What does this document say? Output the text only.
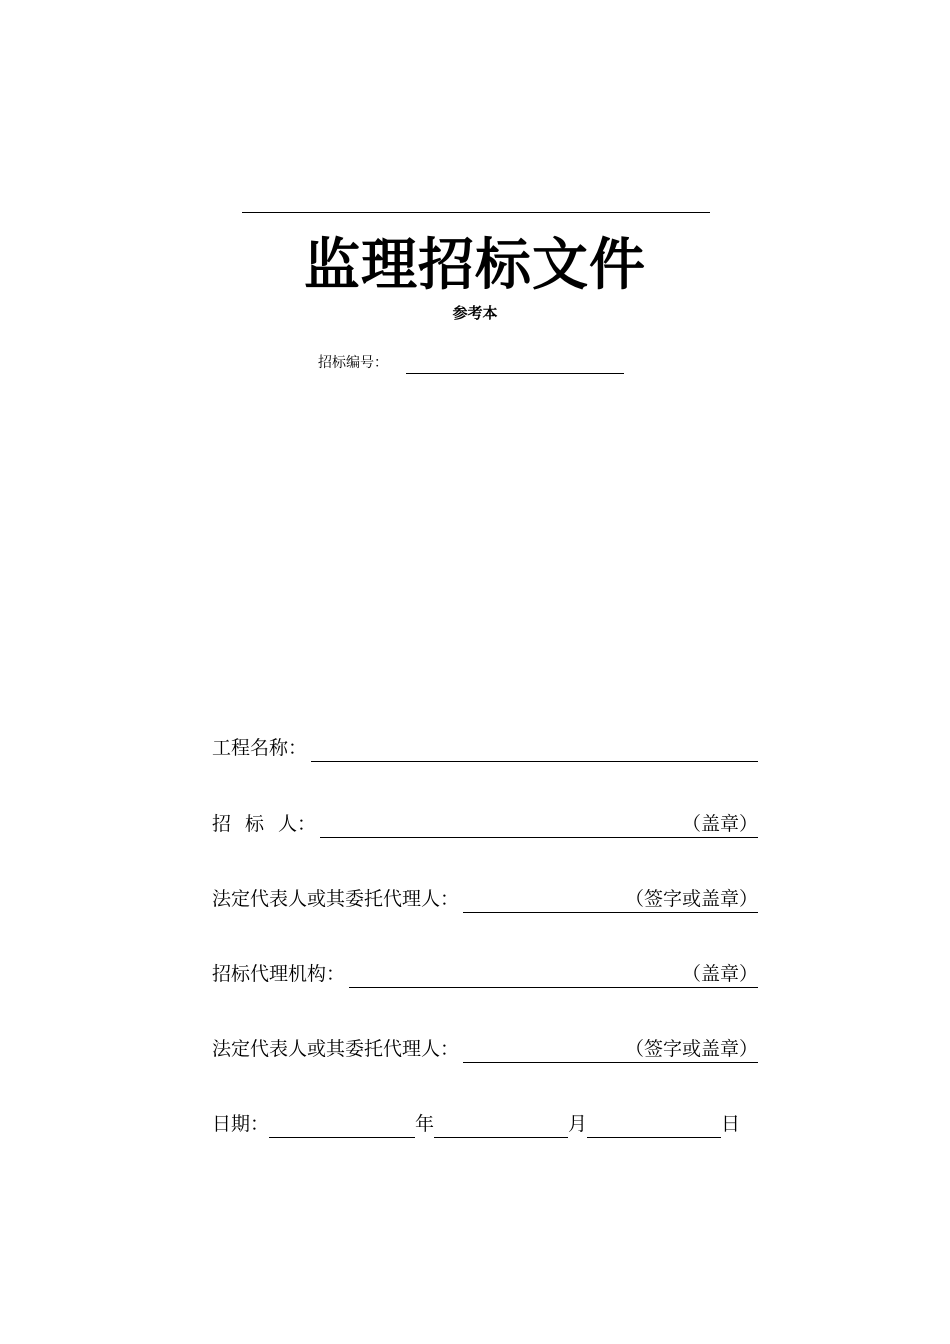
监理招标文件
参考本
招标编号：
工程名称：
招 标 人：	（盖章）
法定代表人或其委托代理人：	（签字或盖章）
招标代理机构：	（盖章）
法定代表人或其委托代理人：	（签字或盖章）
日期：	年	月	日
